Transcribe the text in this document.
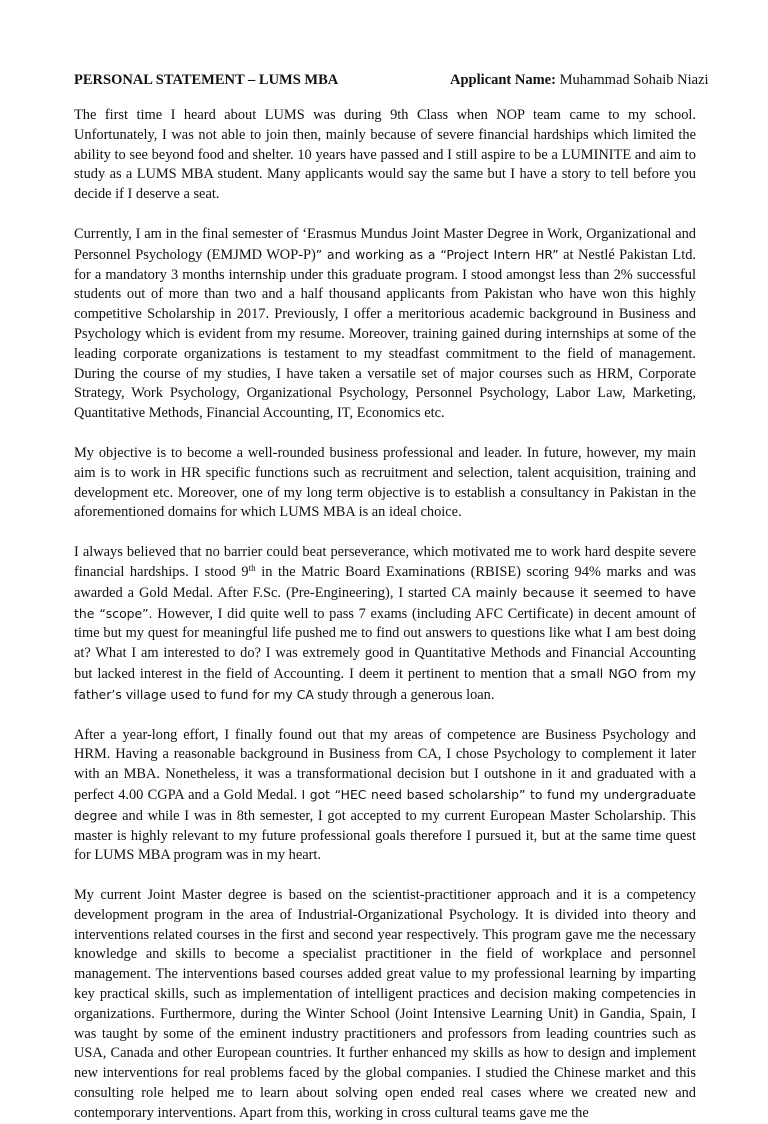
PERSONAL STATEMENT – LUMS MBA	Applicant Name: Muhammad Sohaib Niazi

The first time I heard about LUMS was during 9th Class when NOP team came to my school. Unfortunately, I was not able to join then, mainly because of severe financial hardships which limited the ability to see beyond food and shelter. 10 years have passed and I still aspire to be a LUMINITE and aim to study as a LUMS MBA student. Many applicants would say the same but I have a story to tell before you decide if I deserve a seat.

Currently, I am in the final semester of ‘Erasmus Mundus Joint Master Degree in Work, Organizational and Personnel Psychology (EMJMD WOP-P)” and working as a “Project Intern HR” at Nestlé Pakistan Ltd. for a mandatory 3 months internship under this graduate program. I stood amongst less than 2% successful students out of more than two and a half thousand applicants from Pakistan who have won this highly competitive Scholarship in 2017. Previously, I offer a meritorious academic background in Business and Psychology which is evident from my resume. Moreover, training gained during internships at some of the leading corporate organizations is testament to my steadfast commitment to the field of management. During the course of my studies, I have taken a versatile set of major courses such as HRM, Corporate Strategy, Work Psychology, Organizational Psychology, Personnel Psychology, Labor Law, Marketing, Quantitative Methods, Financial Accounting, IT, Economics etc.

My objective is to become a well-rounded business professional and leader. In future, however, my main aim is to work in HR specific functions such as recruitment and selection, talent acquisition, training and development etc. Moreover, one of my long term objective is to establish a consultancy in Pakistan in the aforementioned domains for which LUMS MBA is an ideal choice.

I always believed that no barrier could beat perseverance, which motivated me to work hard despite severe financial hardships. I stood 9th in the Matric Board Examinations (RBISE) scoring 94% marks and was awarded a Gold Medal. After F.Sc. (Pre-Engineering), I started CA mainly because it seemed to have the “scope”. However, I did quite well to pass 7 exams (including AFC Certificate) in decent amount of time but my quest for meaningful life pushed me to find out answers to questions like what I am best doing at? What I am interested to do? I was extremely good in Quantitative Methods and Financial Accounting but lacked interest in the field of Accounting. I deem it pertinent to mention that a small NGO from my father’s village used to fund for my CA study through a generous loan.

After a year-long effort, I finally found out that my areas of competence are Business Psychology and HRM. Having a reasonable background in Business from CA, I chose Psychology to complement it later with an MBA. Nonetheless, it was a transformational decision but I outshone in it and graduated with a perfect 4.00 CGPA and a Gold Medal. I got “HEC need based scholarship” to fund my undergraduate degree and while I was in 8th semester, I got accepted to my current European Master Scholarship. This master is highly relevant to my future professional goals therefore I pursued it, but at the same time quest for LUMS MBA program was in my heart.

My current Joint Master degree is based on the scientist-practitioner approach and it is a competency development program in the area of Industrial-Organizational Psychology. It is divided into theory and interventions related courses in the first and second year respectively. This program gave me the necessary knowledge and skills to become a specialist practitioner in the field of workplace and personnel management. The interventions based courses added great value to my professional learning by imparting key practical skills, such as implementation of intelligent practices and decision making competencies in organizations. Furthermore, during the Winter School (Joint Intensive Learning Unit) in Gandia, Spain, I was taught by some of the eminent industry practitioners and professors from leading countries such as USA, Canada and other European countries. It further enhanced my skills as how to design and implement new interventions for real problems faced by the global companies. I studied the Chinese market and this consulting role helped me to learn about solving open ended real cases where we created new and contemporary interventions. Apart from this, working in cross cultural teams gave me the
